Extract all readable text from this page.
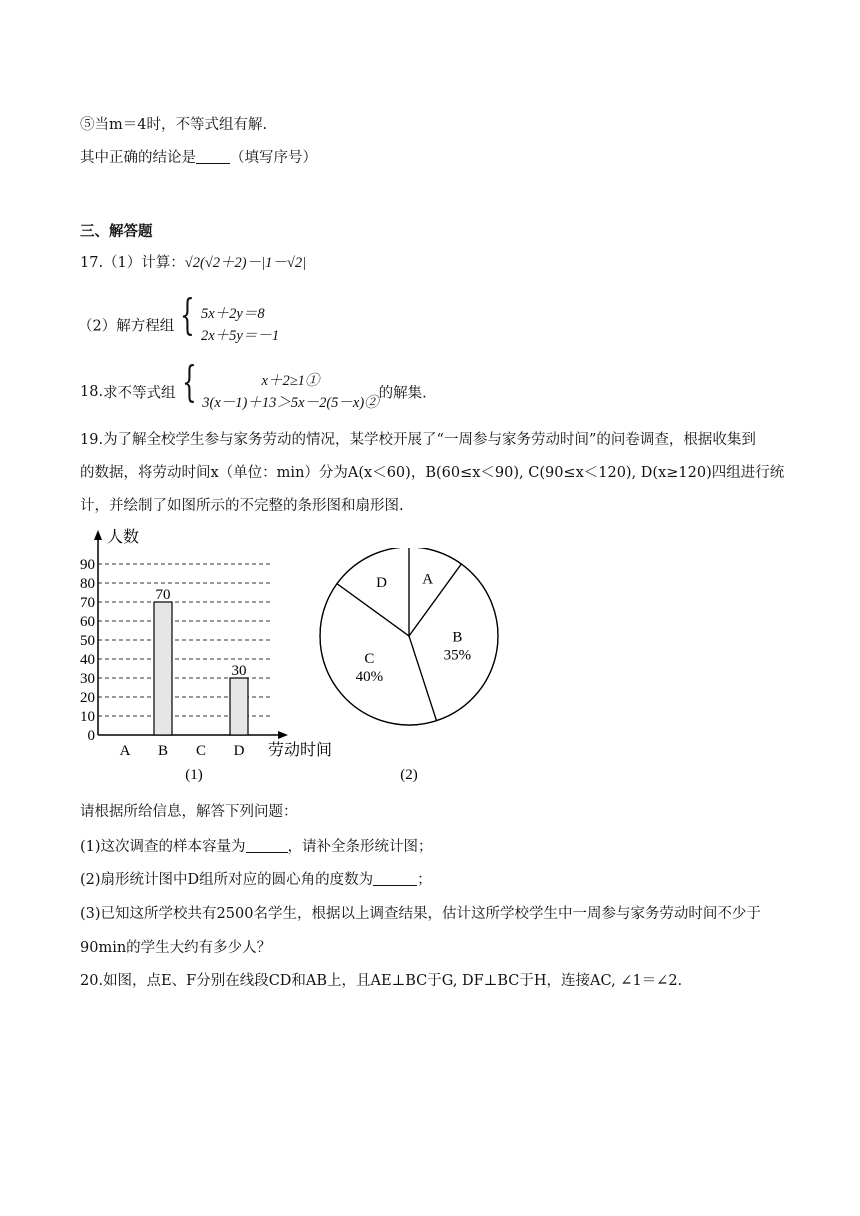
⑤当m＝4时，不等式组有解.
其中正确的结论是 （填写序号）
三、解答题
17.（1）计算：√2(√2＋2)－|1－√2|
（2）解方程组 { 5x＋2y＝8
2x＋5y＝－1
18.求不等式组 {	x＋2≥1①
3(x－1)＋13＞5x－2(5－x)②的解集.
19.为了解全校学生参与家务劳动的情况，某学校开展了“一周参与家务劳动时间”的问卷调查，根据收集到
的数据，将劳动时间x（单位：min）分为A(x＜60)，B(60≤x＜90), C(90≤x＜120), D(x≥120)四组进行统
计，并绘制了如图所示的不完整的条形图和扇形图.
0
10
20
30
40
50
60
70
80
90
人数
劳动时间
A B
70
C D
30
(1)
A
B
35%
C
40%
D
(2)
请根据所给信息，解答下列问题：
(1)这次调查的样本容量为	，请补全条形统计图；
(2)扇形统计图中D组所对应的圆心角的度数为	；
(3)已知这所学校共有2500名学生，根据以上调查结果，估计这所学校学生中一周参与家务劳动时间不少于
90min的学生大约有多少人？
20.如图，点E、F分别在线段CD和AB上，且AE⊥BC于G, DF⊥BC于H，连接AC, ∠1＝∠2.
